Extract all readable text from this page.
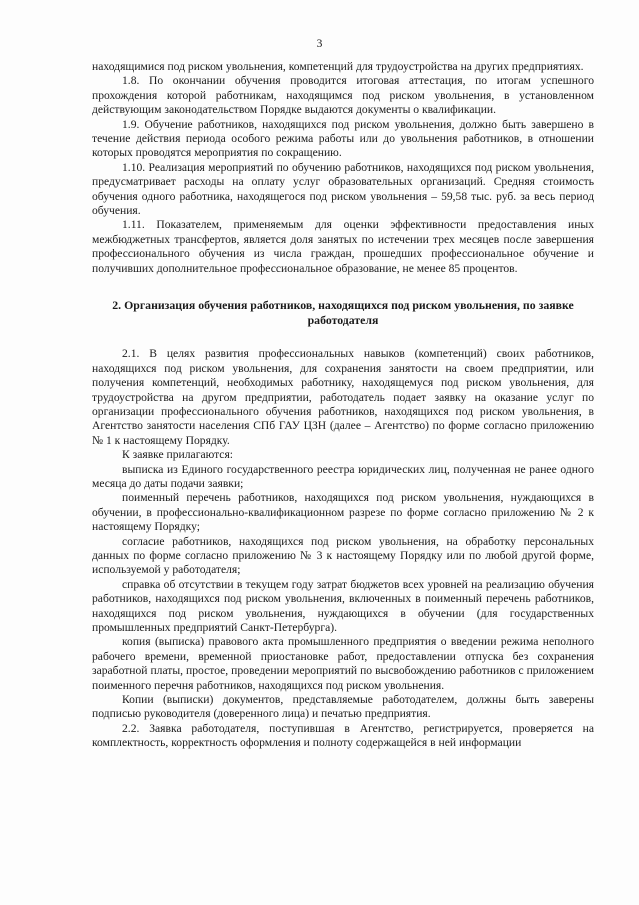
3

находящимися под риском увольнения, компетенций для трудоустройства на других предприятиях.

1.8. По окончании обучения проводится итоговая аттестация, по итогам успешного прохождения которой работникам, находящимся под риском увольнения, в установленном действующим законодательством Порядке выдаются документы о квалификации.

1.9. Обучение работников, находящихся под риском увольнения, должно быть завершено в течение действия периода особого режима работы или до увольнения работников, в отношении которых проводятся мероприятия по сокращению.

1.10. Реализация мероприятий по обучению работников, находящихся под риском увольнения, предусматривает расходы на оплату услуг образовательных организаций. Средняя стоимость обучения одного работника, находящегося под риском увольнения – 59,58 тыс. руб. за весь период обучения.

1.11. Показателем, применяемым для оценки эффективности предоставления иных межбюджетных трансфертов, является доля занятых по истечении трех месяцев после завершения профессионального обучения из числа граждан, прошедших профессиональное обучение и получивших дополнительное профессиональное образование, не менее 85 процентов.

2. Организация обучения работников, находящихся под риском увольнения, по заявке работодателя

2.1. В целях развития профессиональных навыков (компетенций) своих работников, находящихся под риском увольнения, для сохранения занятости на своем предприятии, или получения компетенций, необходимых работнику, находящемуся под риском увольнения, для трудоустройства на другом предприятии, работодатель подает заявку на оказание услуг по организации профессионального обучения работников, находящихся под риском увольнения, в Агентство занятости населения СПб ГАУ ЦЗН (далее – Агентство) по форме согласно приложению № 1 к настоящему Порядку.

К заявке прилагаются:

выписка из Единого государственного реестра юридических лиц, полученная не ранее одного месяца до даты подачи заявки;

поименный перечень работников, находящихся под риском увольнения, нуждающихся в обучении, в профессионально-квалификационном разрезе по форме согласно приложению № 2 к настоящему Порядку;

согласие работников, находящихся под риском увольнения, на обработку персональных данных по форме согласно приложению № 3 к настоящему Порядку или по любой другой форме, используемой у работодателя;

справка об отсутствии в текущем году затрат бюджетов всех уровней на реализацию обучения работников, находящихся под риском увольнения, включенных в поименный перечень работников, находящихся под риском увольнения, нуждающихся в обучении (для государственных промышленных предприятий Санкт-Петербурга).

копия (выписка) правового акта промышленного предприятия о введении режима неполного рабочего времени, временной приостановке работ, предоставлении отпуска без сохранения заработной платы, простое, проведении мероприятий по высвобождению работников с приложением поименного перечня работников, находящихся под риском увольнения.

Копии (выписки) документов, представляемые работодателем, должны быть заверены подписью руководителя (доверенного лица) и печатью предприятия.

2.2. Заявка работодателя, поступившая в Агентство, регистрируется, проверяется на комплектность, корректность оформления и полноту содержащейся в ней информации
